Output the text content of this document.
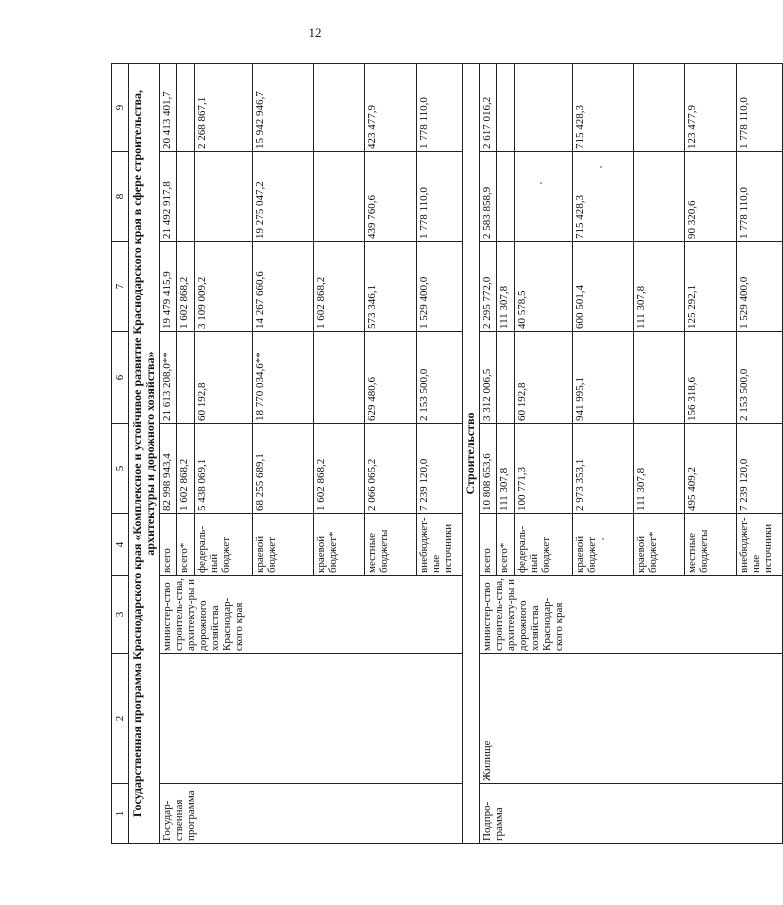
12
1	2	3	4	5	6	7	8	9
Государственная программа Краснодарского края «Комплексное и устойчивое развитие Краснодарского края в сфере строительства, архитектуры и дорожного хозяйства»								
Государ-ственная программа		министер-ство строитель-ства, архитекту-ры и дорожного хозяйства Краснодар-ского края	всего	82 998 943,4	21 613 208,0**	19 479 415,9	21 492 917,8	20 413 401,7
			всего*	1 602 868,2		1 602 868,2		
			федераль-ный бюджет	5 438 069,1	60 192,8	3 109 009,2		2 268 867,1
			краевой бюджет	68 255 689,1	18 770 034,6**	14 267 660,6	19 275 047,2	15 942 946,7
			краевой бюджет*	1 602 868,2		1 602 868,2		
			местные бюджеты	2 066 065,2	629 480,6	573 346,1	439 760,6	423 477,9
			внебюджет-ные источники	7 239 120,0	2 153 500,0	1 529 400,0	1 778 110,0	1 778 110,0
Строительство								
Подпро-грамма	Жилище	министер-ство строитель-ства, архитекту-ры и дорожного хозяйства Краснодар-ского края	всего	10 808 653,6	3 312 006,5	2 295 772,0	2 583 858,9	2 617 016,2
			всего*	111 307,8		111 307,8		
			федераль-ный бюджет	100 771,3	60 192,8	40 578,5		
			краевой бюджет	2 973 353,1	941 995,1	600 501,4	715 428,3	715 428,3
			краевой бюджет*	111 307,8		111 307,8		
			местные бюджеты	495 409,2	156 318,6	125 292,1	90 320,6	123 477,9
			внебюджет-ные источники	7 239 120,0	2 153 500,0	1 529 400,0	1 778 110,0	1 778 110,0
